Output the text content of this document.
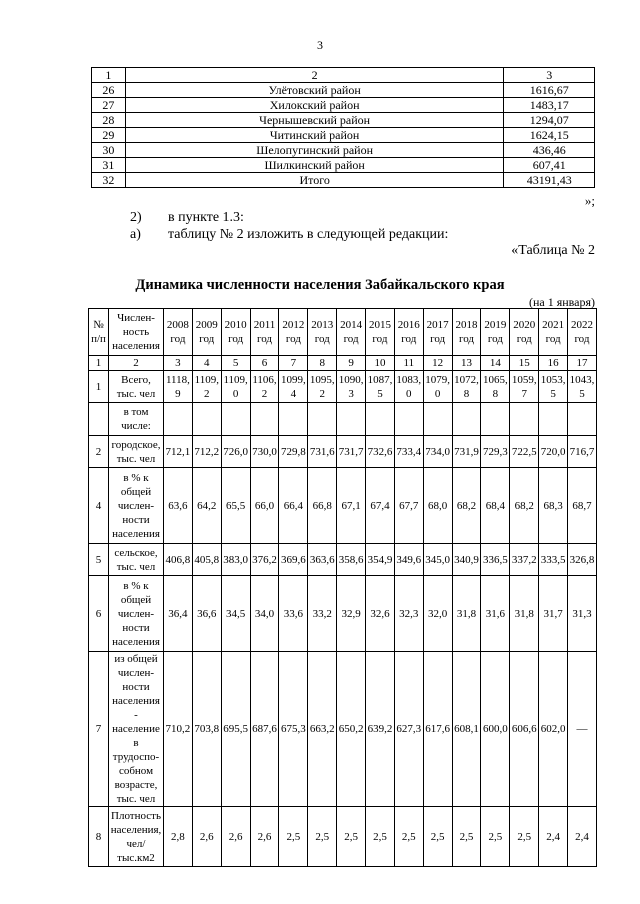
3
1	2	3
26	Улётовский район	1616,67
27	Хилокский район	1483,17
28	Чернышевский район	1294,07
29	Читинский район	1624,15
30	Шелопугинский район	436,46
31	Шилкинский район	607,41
32	Итого	43191,43
»;
2) в пункте 1.3:
а) таблицу № 2 изложить в следующей редакции:
«Таблица № 2
Динамика численности населения Забайкальского края
(на 1 января)
№ п/п	Числен-ность населения	2008 год	2009 год	2010 год	2011 год	2012 год	2013 год	2014 год	2015 год	2016 год	2017 год	2018 год	2019 год	2020 год	2021 год	2022 год
1	2	3	4	5	6	7	8	9	10	11	12	13	14	15	16	17
1	Всего, тыс. чел	1118,9	1109,2	1109,0	1106,2	1099,4	1095,2	1090,3	1087,5	1083,0	1079,0	1072,8	1065,8	1059,7	1053,5	1043,5
	в том числе:															
2	городское, тыс. чел	712,1	712,2	726,0	730,0	729,8	731,6	731,7	732,6	733,4	734,0	731,9	729,3	722,5	720,0	716,7
4	в % к общей числен-ности населения	63,6	64,2	65,5	66,0	66,4	66,8	67,1	67,4	67,7	68,0	68,2	68,4	68,2	68,3	68,7
5	сельское, тыс. чел	406,8	405,8	383,0	376,2	369,6	363,6	358,6	354,9	349,6	345,0	340,9	336,5	337,2	333,5	326,8
6	в % к общей числен-ности населения	36,4	36,6	34,5	34,0	33,6	33,2	32,9	32,6	32,3	32,0	31,8	31,6	31,8	31,7	31,3
7	из общей числен-ности населения - население в трудоспо-собном возрасте, тыс. чел	710,2	703,8	695,5	687,6	675,3	663,2	650,2	639,2	627,3	617,6	608,1	600,0	606,6	602,0	—
8	Плотность населения, чел/тыс.км2	2,8	2,6	2,6	2,6	2,5	2,5	2,5	2,5	2,5	2,5	2,5	2,5	2,5	2,4	2,4
